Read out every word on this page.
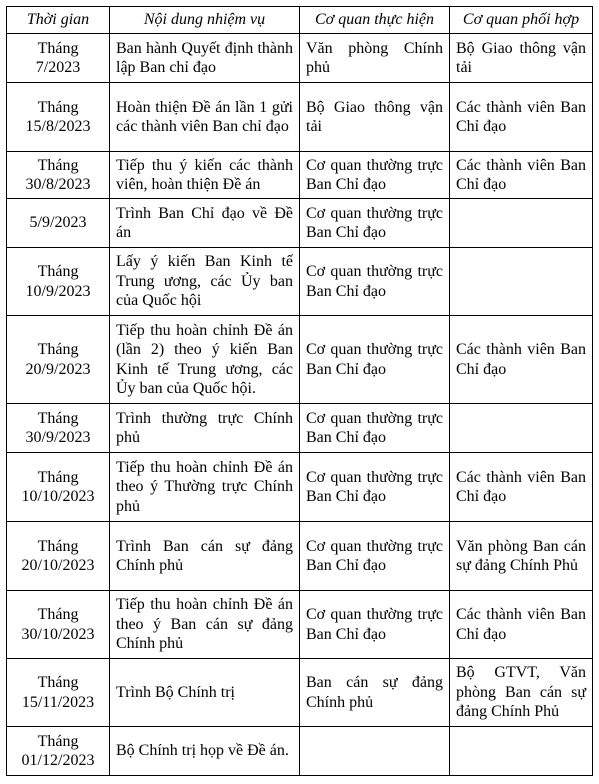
Thời gian	Nội dung nhiệm vụ	Cơ quan thực hiện	Cơ quan phối hợp
Tháng 7/2023	Ban hành Quyết định thành lập Ban chỉ đạo	Văn phòng Chính phủ	Bộ Giao thông vận tải
Tháng 15/8/2023	Hoàn thiện Đề án lần 1 gửi các thành viên Ban chỉ đạo	Bộ Giao thông vận tải	Các thành viên Ban Chỉ đạo
Tháng 30/8/2023	Tiếp thu ý kiến các thành viên, hoàn thiện Đề án	Cơ quan thường trực Ban Chỉ đạo	Các thành viên Ban Chỉ đạo
5/9/2023	Trình Ban Chỉ đạo về Đề án	Cơ quan thường trực Ban Chỉ đạo	
Tháng 10/9/2023	Lấy ý kiến Ban Kinh tế Trung ương, các Ủy ban của Quốc hội	Cơ quan thường trực Ban Chỉ đạo	
Tháng 20/9/2023	Tiếp thu hoàn chỉnh Đề án (lần 2) theo ý kiến Ban Kinh tế Trung ương, các Ủy ban của Quốc hội.	Cơ quan thường trực Ban Chỉ đạo	Các thành viên Ban Chỉ đạo
Tháng 30/9/2023	Trình thường trực Chính phủ	Cơ quan thường trực Ban Chỉ đạo	
Tháng 10/10/2023	Tiếp thu hoàn chỉnh Đề án theo ý Thường trực Chính phủ	Cơ quan thường trực Ban Chỉ đạo	Các thành viên Ban Chỉ đạo
Tháng 20/10/2023	Trình Ban cán sự đảng Chính phủ	Cơ quan thường trực Ban Chỉ đạo	Văn phòng Ban cán sự đảng Chính Phủ
Tháng 30/10/2023	Tiếp thu hoàn chỉnh Đề án theo ý Ban cán sự đảng Chính phủ	Cơ quan thường trực Ban Chỉ đạo	Các thành viên Ban Chỉ đạo
Tháng 15/11/2023	Trình Bộ Chính trị	Ban cán sự đảng Chính phủ	Bộ GTVT, Văn phòng Ban cán sự đảng Chính Phủ
Tháng 01/12/2023	Bộ Chính trị họp về Đề án.		
